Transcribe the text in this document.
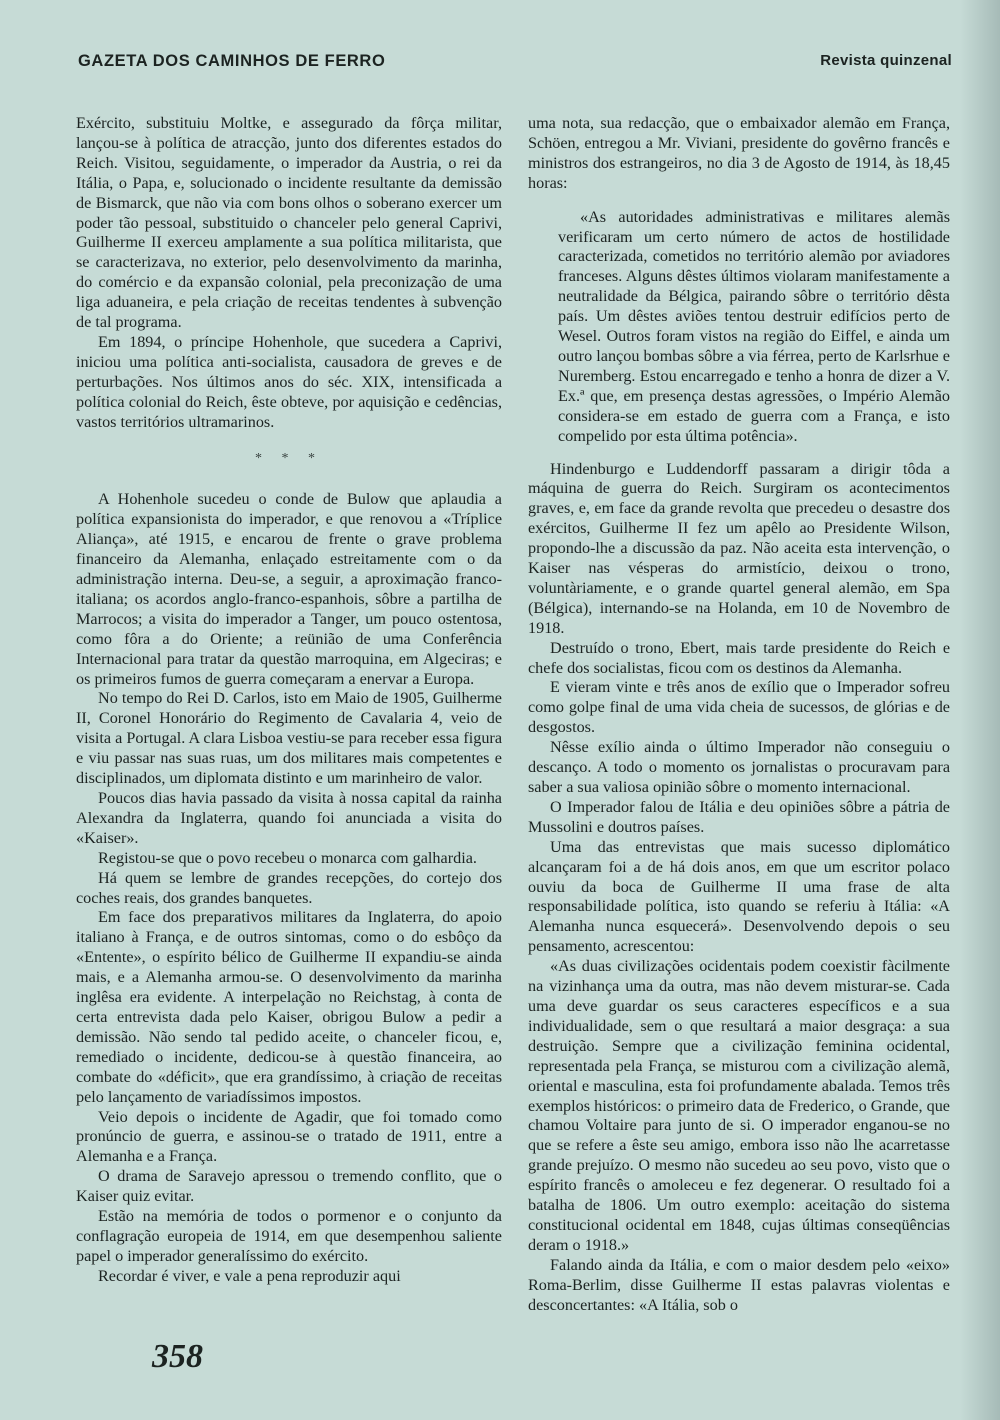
GAZETA DOS CAMINHOS DE FERRO	Revista quinzenal

Exército, substituiu Moltke, e assegurado da fôrça militar, lançou-se à política de atracção, junto dos diferentes estados do Reich. Visitou, seguidamente, o imperador da Austria, o rei da Itália, o Papa, e, solucionado o incidente resultante da demissão de Bismarck, que não via com bons olhos o soberano exercer um poder tão pessoal, substituido o chanceler pelo general Caprivi, Guilherme II exerceu amplamente a sua política militarista, que se caracterizava, no exterior, pelo desenvolvimento da marinha, do comércio e da expansão colonial, pela preconização de uma liga aduaneira, e pela criação de receitas tendentes à subvenção de tal programa.

Em 1894, o príncipe Hohenhole, que sucedera a Caprivi, iniciou uma política anti-socialista, causadora de greves e de perturbações. Nos últimos anos do séc. XIX, intensificada a política colonial do Reich, êste obteve, por aquisição e cedências, vastos territórios ultramarinos.

* * *

A Hohenhole sucedeu o conde de Bulow que aplaudia a política expansionista do imperador, e que renovou a «Tríplice Aliança», até 1915, e encarou de frente o grave problema financeiro da Alemanha, enlaçado estreitamente com o da administração interna. Deu-se, a seguir, a aproximação franco-italiana; os acordos anglo-franco-espanhois, sôbre a partilha de Marrocos; a visita do imperador a Tanger, um pouco ostentosa, como fôra a do Oriente; a reünião de uma Conferência Internacional para tratar da questão marroquina, em Algeciras; e os primeiros fumos de guerra começaram a enervar a Europa.

No tempo do Rei D. Carlos, isto em Maio de 1905, Guilherme II, Coronel Honorário do Regimento de Cavalaria 4, veio de visita a Portugal. A clara Lisboa vestiu-se para receber essa figura e viu passar nas suas ruas, um dos militares mais competentes e disciplinados, um diplomata distinto e um marinheiro de valor.

Poucos dias havia passado da visita à nossa capital da rainha Alexandra da Inglaterra, quando foi anunciada a visita do «Kaiser».

Registou-se que o povo recebeu o monarca com galhardia.

Há quem se lembre de grandes recepções, do cortejo dos coches reais, dos grandes banquetes.

Em face dos preparativos militares da Inglaterra, do apoio italiano à França, e de outros sintomas, como o do esbôço da «Entente», o espírito bélico de Guilherme II expandiu-se ainda mais, e a Alemanha armou-se. O desenvolvimento da marinha inglêsa era evidente. A interpelação no Reichstag, à conta de certa entrevista dada pelo Kaiser, obrigou Bulow a pedir a demissão. Não sendo tal pedido aceite, o chanceler ficou, e, remediado o incidente, dedicou-se à questão financeira, ao combate do «déficit», que era grandíssimo, à criação de receitas pelo lançamento de variadíssimos impostos.

Veio depois o incidente de Agadir, que foi tomado como pronúncio de guerra, e assinou-se o tratado de 1911, entre a Alemanha e a França.

O drama de Saravejo apressou o tremendo conflito, que o Kaiser quiz evitar.

Estão na memória de todos o pormenor e o conjunto da conflagração europeia de 1914, em que desempenhou saliente papel o imperador generalíssimo do exército.

Recordar é viver, e vale a pena reproduzir aqui

uma nota, sua redacção, que o embaixador alemão em França, Schöen, entregou a Mr. Viviani, presidente do govêrno francês e ministros dos estrangeiros, no dia 3 de Agosto de 1914, às 18,45 horas:

«As autoridades administrativas e militares alemãs verificaram um certo número de actos de hostilidade caracterizada, cometidos no território alemão por aviadores franceses. Alguns dêstes últimos violaram manifestamente a neutralidade da Bélgica, pairando sôbre o território dêsta país. Um dêstes aviões tentou destruir edifícios perto de Wesel. Outros foram vistos na região do Eiffel, e ainda um outro lançou bombas sôbre a via férrea, perto de Karlsrhue e Nuremberg. Estou encarregado e tenho a honra de dizer a V. Ex.ª que, em presença destas agressões, o Império Alemão considera-se em estado de guerra com a França, e isto compelido por esta última potência».

Hindenburgo e Luddendorff passaram a dirigir tôda a máquina de guerra do Reich. Surgiram os acontecimentos graves, e, em face da grande revolta que precedeu o desastre dos exércitos, Guilherme II fez um apêlo ao Presidente Wilson, propondo-lhe a discussão da paz. Não aceita esta intervenção, o Kaiser nas vésperas do armistício, deixou o trono, voluntàriamente, e o grande quartel general alemão, em Spa (Bélgica), internando-se na Holanda, em 10 de Novembro de 1918.

Destruído o trono, Ebert, mais tarde presidente do Reich e chefe dos socialistas, ficou com os destinos da Alemanha.

E vieram vinte e três anos de exílio que o Imperador sofreu como golpe final de uma vida cheia de sucessos, de glórias e de desgostos.

Nêsse exílio ainda o último Imperador não conseguiu o descanço. A todo o momento os jornalistas o procuravam para saber a sua valiosa opinião sôbre o momento internacional.

O Imperador falou de Itália e deu opiniões sôbre a pátria de Mussolini e doutros países.

Uma das entrevistas que mais sucesso diplomático alcançaram foi a de há dois anos, em que um escritor polaco ouviu da boca de Guilherme II uma frase de alta responsabilidade política, isto quando se referiu à Itália: «A Alemanha nunca esquecerá». Desenvolvendo depois o seu pensamento, acrescentou:

«As duas civilizações ocidentais podem coexistir fàcilmente na vizinhança uma da outra, mas não devem misturar-se. Cada uma deve guardar os seus caracteres específicos e a sua individualidade, sem o que resultará a maior desgraça: a sua destruição. Sempre que a civilização feminina ocidental, representada pela França, se misturou com a civilização alemã, oriental e masculina, esta foi profundamente abalada. Temos três exemplos históricos: o primeiro data de Frederico, o Grande, que chamou Voltaire para junto de si. O imperador enganou-se no que se refere a êste seu amigo, embora isso não lhe acarretasse grande prejuízo. O mesmo não sucedeu ao seu povo, visto que o espírito francês o amoleceu e fez degenerar. O resultado foi a batalha de 1806. Um outro exemplo: aceitação do sistema constitucional ocidental em 1848, cujas últimas conseqüências deram o 1918.»

Falando ainda da Itália, e com o maior desdem pelo «eixo» Roma-Berlim, disse Guilherme II estas palavras violentas e desconcertantes: «A Itália, sob o

358
